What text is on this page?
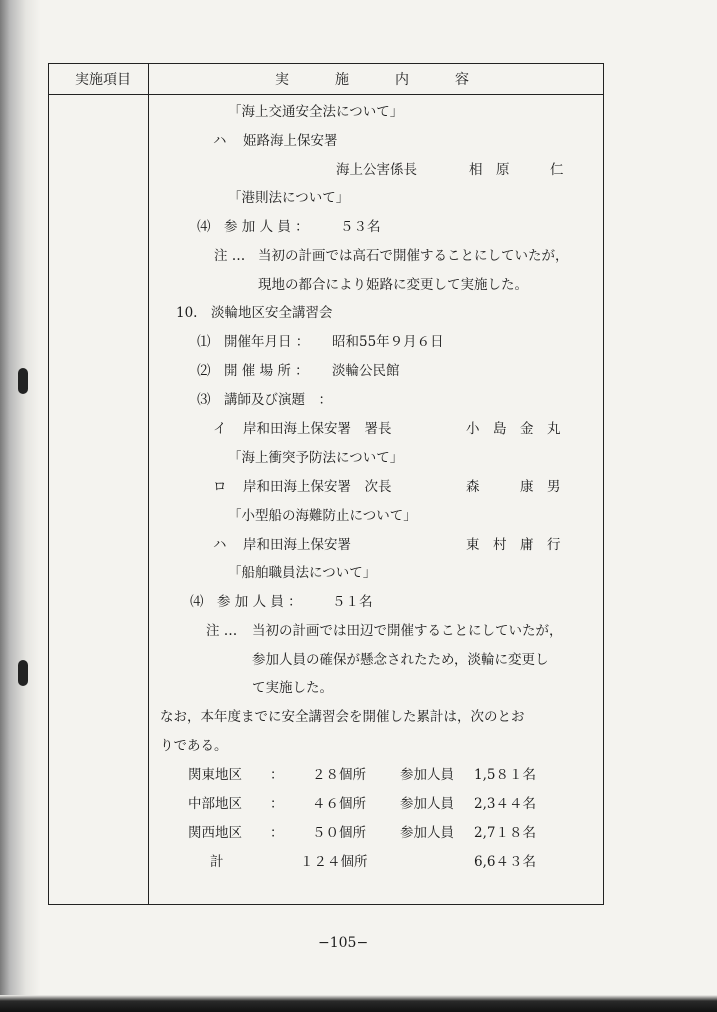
実施項目	実	施	内	容
「海上交通安全法について」
ハ 姫路海上保安署
海上公害係長	相　原　　　仁
「港則法について」
⑷　参 加 人 員 ： ５３名
注 … 当初の計画では高石で開催することにしていたが，
現地の都合により姫路に変更して実施した。
10.　淡輪地区安全講習会
⑴　開催年月日 ： 昭和55年９月６日
⑵　開 催 場 所 ： 淡輪公民館
⑶　講師及び演題　：
イ 岸和田海上保安署　署長	小　島　金　丸
「海上衝突予防法について」
ロ 岸和田海上保安署　次長	森　　　康　男
「小型船の海難防止について」
ハ 岸和田海上保安署	東　村　庸　行
「船舶職員法について」
⑷　参 加 人 員 ： ５１名
注 … 当初の計画では田辺で開催することにしていたが，
参加人員の確保が懸念されたため，淡輪に変更し
て実施した。
なお，本年度までに安全講習会を開催した累計は，次のとお
りである。
関東地区 ： ２８個所	参加人員 1,5８１名
中部地区 ： ４６個所	参加人員 2,3４４名
関西地区 ： ５０個所	参加人員 2,7１８名
計	１２４個所	6,6４３名
−105−
